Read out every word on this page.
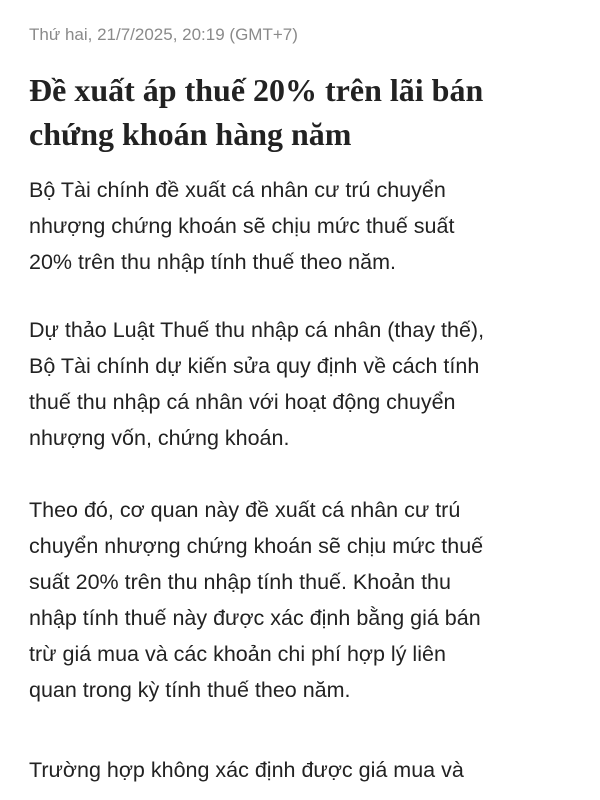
Thứ hai, 21/7/2025, 20:19 (GMT+7)
Đề xuất áp thuế 20% trên lãi bán
chứng khoán hàng năm

Bộ Tài chính đề xuất cá nhân cư trú chuyển
nhượng chứng khoán sẽ chịu mức thuế suất
20% trên thu nhập tính thuế theo năm.

Dự thảo Luật Thuế thu nhập cá nhân (thay thế),
Bộ Tài chính dự kiến sửa quy định về cách tính
thuế thu nhập cá nhân với hoạt động chuyển
nhượng vốn, chứng khoán.

Theo đó, cơ quan này đề xuất cá nhân cư trú
chuyển nhượng chứng khoán sẽ chịu mức thuế
suất 20% trên thu nhập tính thuế. Khoản thu
nhập tính thuế này được xác định bằng giá bán
trừ giá mua và các khoản chi phí hợp lý liên
quan trong kỳ tính thuế theo năm.

Trường hợp không xác định được giá mua và
